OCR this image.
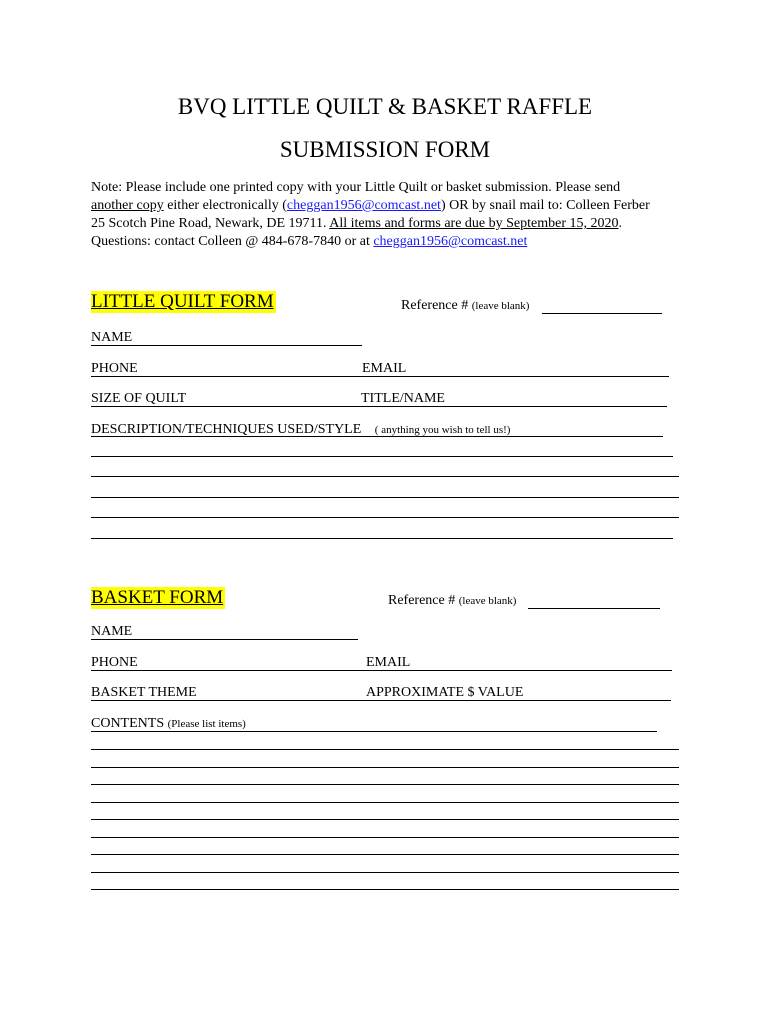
BVQ LITTLE QUILT & BASKET RAFFLE
SUBMISSION FORM
Note: Please include one printed copy with your Little Quilt or basket submission. Please send
another copy either electronically (cheggan1956@comcast.net) OR by snail mail to: Colleen Ferber
25 Scotch Pine Road, Newark, DE 19711. All items and forms are due by September 15, 2020.
Questions: contact Colleen @ 484-678-7840 or at cheggan1956@comcast.net
LITTLE QUILT FORM	Reference # (leave blank)
NAME
PHONE	EMAIL
SIZE OF QUILT	TITLE/NAME
DESCRIPTION/TECHNIQUES USED/STYLE ( anything you wish to tell us!)
BASKET FORM	Reference # (leave blank)
NAME
PHONE	EMAIL
BASKET THEME	APPROXIMATE $ VALUE
CONTENTS (Please list items)
